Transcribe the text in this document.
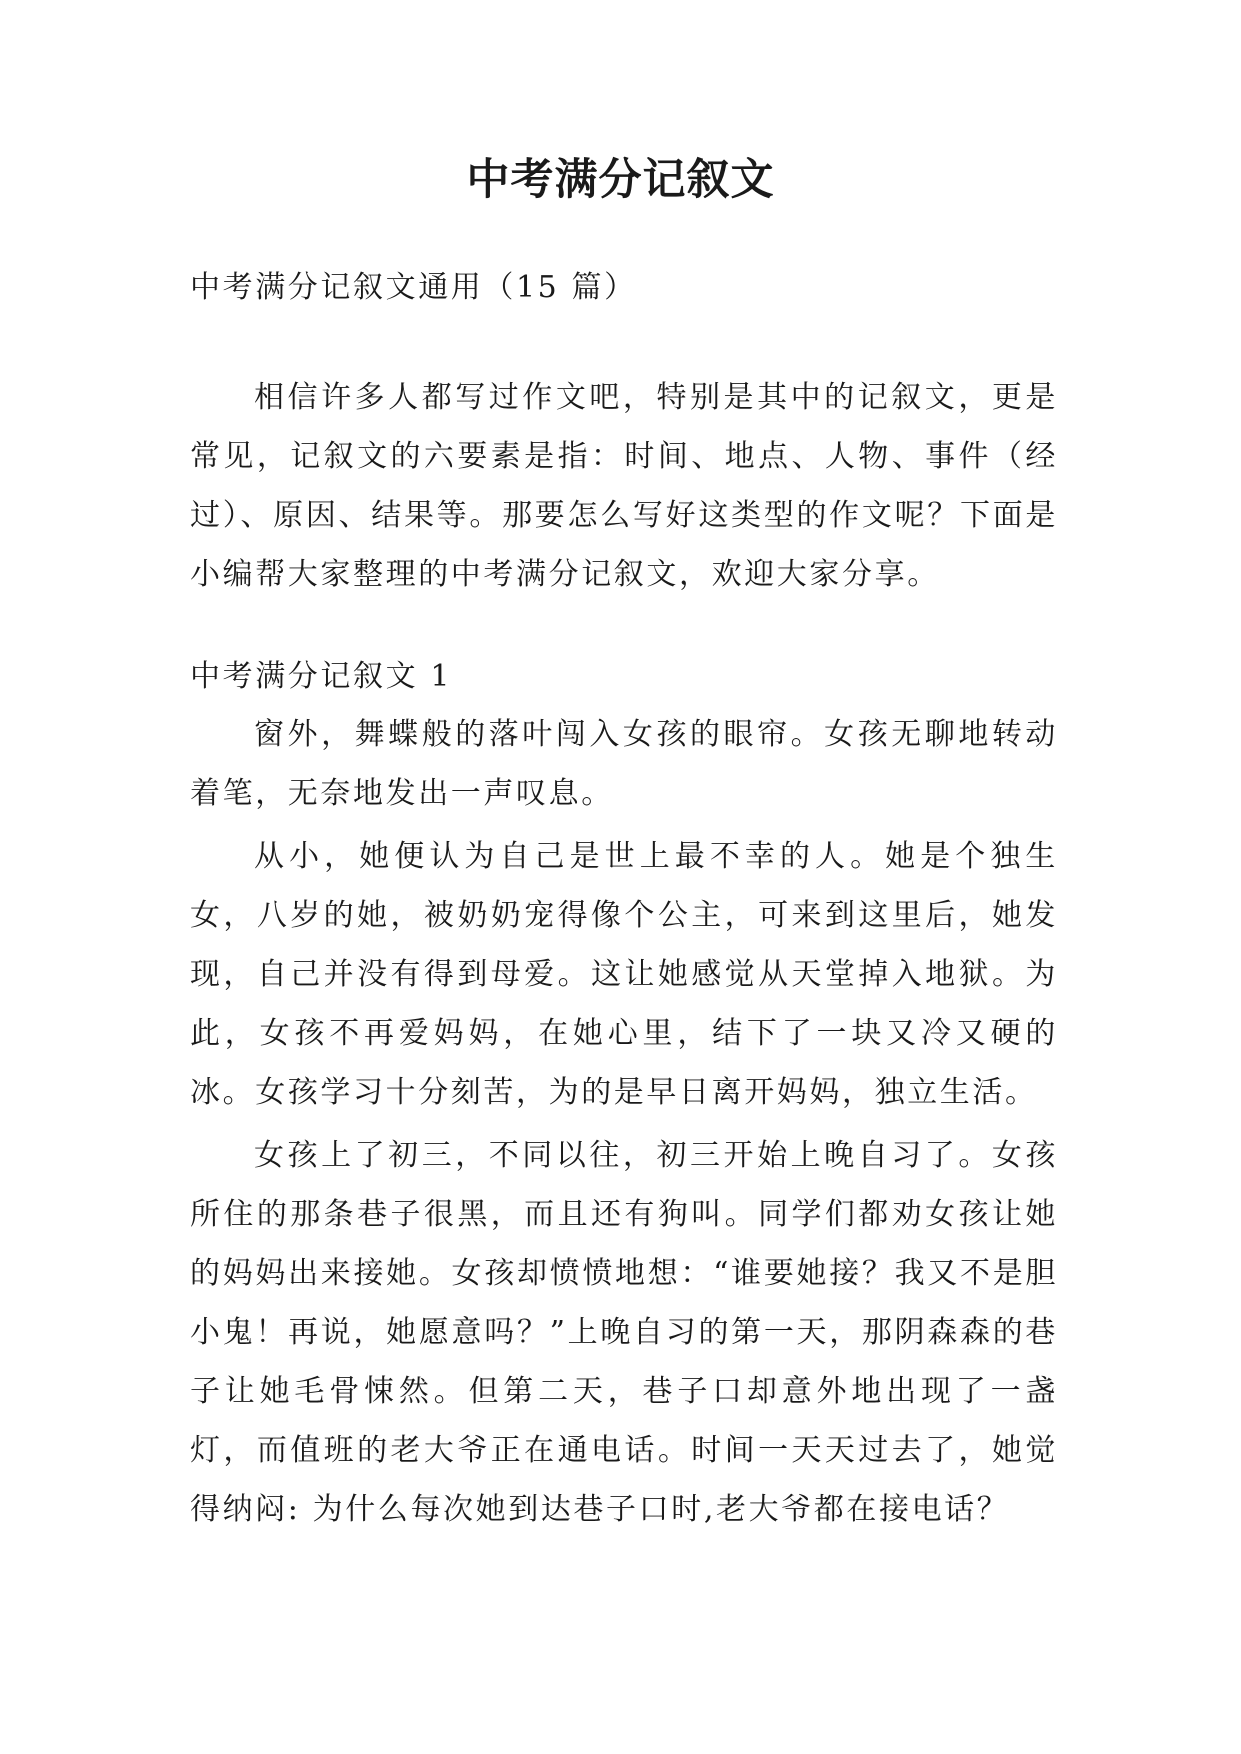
中考满分记叙文

中考满分记叙文通用（15 篇）

相信许多人都写过作文吧，特别是其中的记叙文，更是常见，记叙文的六要素是指：时间、地点、人物、事件（经过）、原因、结果等。那要怎么写好这类型的作文呢？下面是小编帮大家整理的中考满分记叙文，欢迎大家分享。

中考满分记叙文 1

窗外，舞蝶般的落叶闯入女孩的眼帘。女孩无聊地转动着笔，无奈地发出一声叹息。

从小，她便认为自己是世上最不幸的人。她是个独生女，八岁的她，被奶奶宠得像个公主，可来到这里后，她发现，自己并没有得到母爱。这让她感觉从天堂掉入地狱。为此，女孩不再爱妈妈，在她心里，结下了一块又冷又硬的冰。女孩学习十分刻苦，为的是早日离开妈妈，独立生活。

女孩上了初三，不同以往，初三开始上晚自习了。女孩所住的那条巷子很黑，而且还有狗叫。同学们都劝女孩让她的妈妈出来接她。女孩却愤愤地想：“谁要她接？我又不是胆小鬼！再说，她愿意吗？”上晚自习的第一天，那阴森森的巷子让她毛骨悚然。但第二天，巷子口却意外地出现了一盏灯，而值班的老大爷正在通电话。时间一天天过去了，她觉得纳闷: 为什么每次她到达巷子口时,老大爷都在接电话？
